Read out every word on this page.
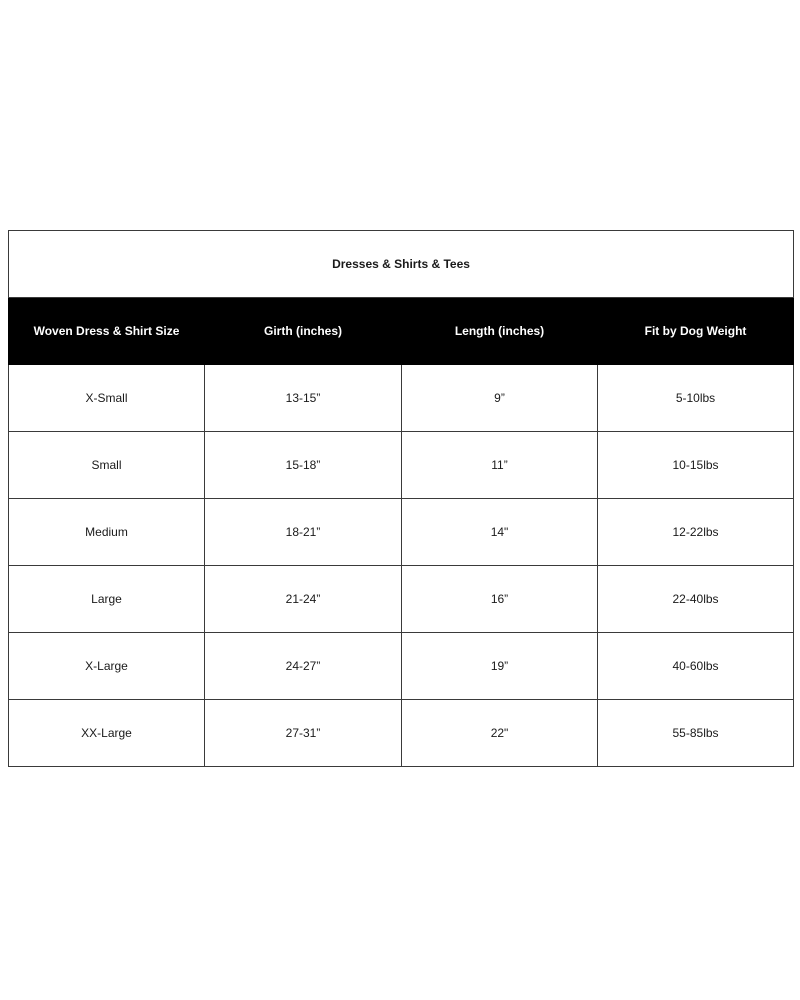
Dresses & Shirts & Tees			
Woven Dress & Shirt Size	Girth (inches)	Length (inches)	Fit by Dog Weight
X-Small	13-15”	9”	5-10lbs
Small	15-18”	11”	10-15lbs
Medium	18-21”	14"	12-22lbs
Large	21-24”	16”	22-40lbs
X-Large	24-27”	19”	40-60lbs
XX-Large	27-31”	22"	55-85lbs
